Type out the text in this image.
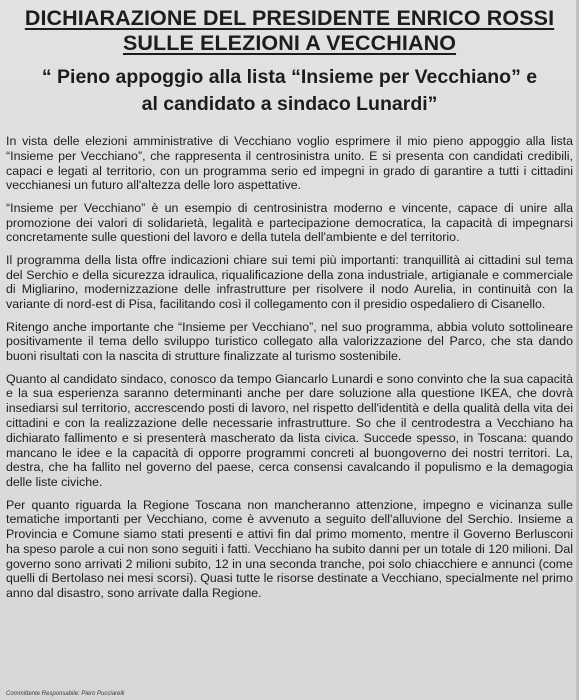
DICHIARAZIONE DEL PRESIDENTE ENRICO ROSSI
SULLE ELEZIONI A VECCHIANO
“ Pieno appoggio alla lista “Insieme per Vecchiano” e
al candidato a sindaco Lunardi”

In vista delle elezioni amministrative di Vecchiano voglio esprimere il mio pieno appoggio alla lista “Insieme per Vecchiano”, che rappresenta il centrosinistra unito. E si presenta con candidati credibili, capaci e legati al territorio, con un programma serio ed impegni in grado di garantire a tutti i cittadini vecchianesi un futuro all'altezza delle loro aspettative.

“Insieme per Vecchiano” è un esempio di centrosinistra moderno e vincente, capace di unire alla promozione dei valori di solidarietà, legalità e partecipazione democratica, la capacità di impegnarsi concretamente sulle questioni del lavoro e della tutela dell'ambiente e del territorio.

Il programma della lista offre indicazioni chiare sui temi più importanti: tranquillità ai cittadini sul tema del Serchio e della sicurezza idraulica, riqualificazione della zona industriale, artigianale e commerciale di Migliarino, modernizzazione delle infrastrutture per risolvere il nodo Aurelia, in continuità con la variante di nord-est di Pisa, facilitando così il collegamento con il presidio ospedaliero di Cisanello.

Ritengo anche importante che “Insieme per Vecchiano”, nel suo programma, abbia voluto sottolineare positivamente il tema dello sviluppo turistico collegato alla valorizzazione del Parco, che sta dando buoni risultati con la nascita di strutture finalizzate al turismo sostenibile.

Quanto al candidato sindaco, conosco da tempo Giancarlo Lunardi e sono convinto che la sua capacità e la sua esperienza saranno determinanti anche per dare soluzione alla questione IKEA, che dovrà insediarsi sul territorio, accrescendo posti di lavoro, nel rispetto dell'identità e della qualità della vita dei cittadini e con la realizzazione delle necessarie infrastrutture. So che il centrodestra a Vecchiano ha dichiarato fallimento e si presenterà mascherato da lista civica. Succede spesso, in Toscana: quando mancano le idee e la capacità di opporre programmi concreti al buongoverno dei nostri territori. La, destra, che ha fallito nel governo del paese, cerca consensi cavalcando il populismo e la demagogia delle liste civiche.

Per quanto riguarda la Regione Toscana non mancheranno attenzione, impegno e vicinanza sulle tematiche importanti per Vecchiano, come è avvenuto a seguito dell'alluvione del Serchio. Insieme a Provincia e Comune siamo stati presenti e attivi fin dal primo momento, mentre il Governo Berlusconi ha speso parole a cui non sono seguiti i fatti. Vecchiano ha subito danni per un totale di 120 milioni. Dal governo sono arrivati 2 milioni subito, 12 in una seconda tranche, poi solo chiacchiere e annunci (come quelli di Bertolaso nei mesi scorsi). Quasi tutte le risorse destinate a Vecchiano, specialmente nel primo anno dal disastro, sono arrivate dalla Regione.

Committente Responsabile: Piero Pucciarelli
